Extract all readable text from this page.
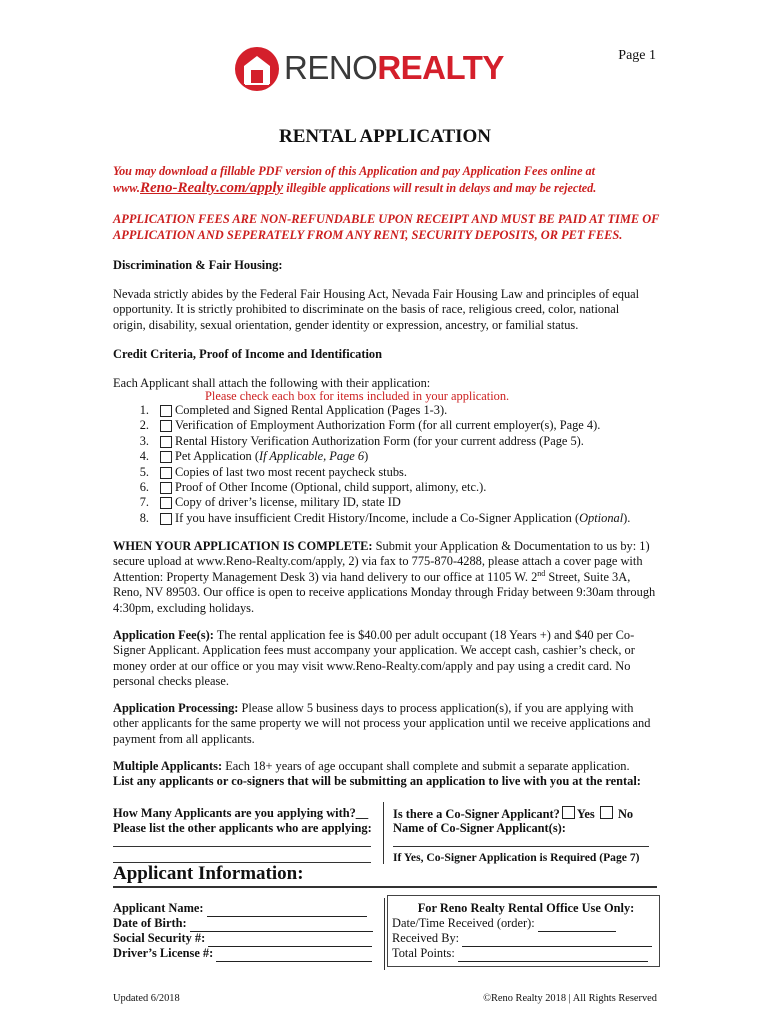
Page 1
RENOREALTY
RENTAL APPLICATION
You may download a fillable PDF version of this Application and pay Application Fees online at
www.Reno-Realty.com/apply illegible applications will result in delays and may be rejected.
APPLICATION FEES ARE NON-REFUNDABLE UPON RECEIPT AND MUST BE PAID AT TIME OF APPLICATION AND SEPERATELY FROM ANY RENT, SECURITY DEPOSITS, OR PET FEES.
Discrimination & Fair Housing:
Nevada strictly abides by the Federal Fair Housing Act, Nevada Fair Housing Law and principles of equal opportunity. It is strictly prohibited to discriminate on the basis of race, religious creed, color, national origin, disability, sexual orientation, gender identity or expression, ancestry, or familial status.
Credit Criteria, Proof of Income and Identification
Each Applicant shall attach the following with their application:
Please check each box for items included in your application.
1. Completed and Signed Rental Application (Pages 1-3).
2. Verification of Employment Authorization Form (for all current employer(s), Page 4).
3. Rental History Verification Authorization Form (for your current address (Page 5).
4. Pet Application (If Applicable, Page 6)
5. Copies of last two most recent paycheck stubs.
6. Proof of Other Income (Optional, child support, alimony, etc.).
7. Copy of driver’s license, military ID, state ID
8. If you have insufficient Credit History/Income, include a Co-Signer Application (Optional).
WHEN YOUR APPLICATION IS COMPLETE: Submit your Application & Documentation to us by: 1) secure upload at www.Reno-Realty.com/apply, 2) via fax to 775-870-4288, please attach a cover page with Attention: Property Management Desk 3) via hand delivery to our office at 1105 W. 2nd Street, Suite 3A, Reno, NV 89503. Our office is open to receive applications Monday through Friday between 9:30am through 4:30pm, excluding holidays.
Application Fee(s): The rental application fee is $40.00 per adult occupant (18 Years +) and $40 per Co-Signer Applicant. Application fees must accompany your application. We accept cash, cashier’s check, or money order at our office or you may visit www.Reno-Realty.com/apply and pay using a credit card. No personal checks please.
Application Processing: Please allow 5 business days to process application(s), if you are applying with other applicants for the same property we will not process your application until we receive applications and payment from all applicants.
Multiple Applicants: Each 18+ years of age occupant shall complete and submit a separate application.
List any applicants or co-signers that will be submitting an application to live with you at the rental:
How Many Applicants are you applying with?__
Please list the other applicants who are applying:
Is there a Co-Signer Applicant? Yes No
Name of Co-Signer Applicant(s):
If Yes, Co-Signer Application is Required (Page 7)
Applicant Information:
Applicant Name:
Date of Birth:
Social Security #:
Driver’s License #:
For Reno Realty Rental Office Use Only:
Date/Time Received (order):
Received By:
Total Points:
Updated 6/2018	©Reno Realty 2018 | All Rights Reserved
